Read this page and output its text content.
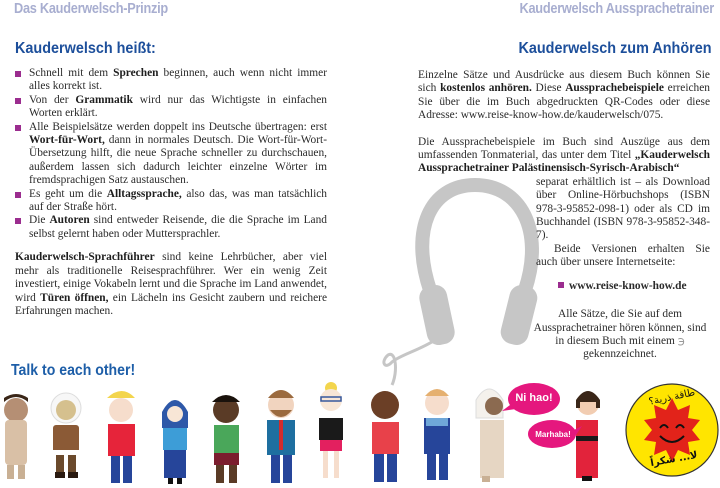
Das Kauderwelsch-Prinzip	Kauderwelsch Aussprachetrainer
Kauderwelsch heißt:	Kauderwelsch zum Anhören
Ni hao!
Marhaba!
طاقة ذرية؟
لا... شكراً
Schnell mit dem Sprechen beginnen, auch wenn nicht immer alles korrekt ist.
Von der Grammatik wird nur das Wichtigste in einfachen Worten erklärt.
Alle Beispielsätze werden doppelt ins Deutsche übertragen: erst Wort-für-Wort, dann in normales Deutsch. Die Wort-für-Wort-Übersetzung hilft, die neue Sprache schneller zu durchschauen, außerdem lassen sich dadurch leichter einzelne Wörter im fremdsprachigen Satz austauschen.
Es geht um die Alltagssprache, also das, was man tatsächlich auf der Straße hört.
Die Autoren sind entweder Reisende, die die Sprache im Land selbst gelernt haben oder Muttersprachler.
Kauderwelsch-Sprachführer sind keine Lehrbücher, aber viel mehr als traditionelle Reisesprachführer. Wer ein wenig Zeit investiert, einige Vokabeln lernt und die Sprache im Land anwendet, wird Türen öffnen, ein Lächeln ins Gesicht zaubern und reichere Erfahrungen machen.
Talk to each other!

Einzelne Sätze und Ausdrücke aus diesem Buch können Sie sich kostenlos anhören. Diese Aussprachebeispiele erreichen Sie über die im Buch abgedruckten QR-Codes oder diese Adresse: www.reise-know-how.de/kauderwelsch/075.

Die Aussprachebeispiele im Buch sind Auszüge aus dem umfassenden Tonmaterial, das unter dem Titel „Kauderwelsch Aussprachetrainer Palästinensisch-Syrisch-Arabisch“

separat erhältlich ist – als Download über Online-Hörbuchshops (ISBN 978-3-95852-098-1) oder als CD im Buchhandel (ISBN 978-3-95852-348-7).

Beide Versionen erhalten Sie auch über unsere Internetseite:

www.reise-know-how.de
Alle Sätze, die Sie auf dem Aussprachetrainer hören können, sind in diesem Buch mit einem ℈
gekennzeichnet.
